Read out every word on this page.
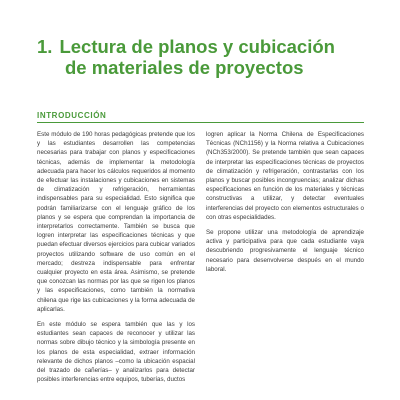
1. Lectura de planos y cubicación
de materiales de proyectos
INTRODUCCIÓN

Este módulo de 190 horas pedagógicas pretende que los y las estudiantes desarrollen las competencias necesarias para trabajar con planos y especificaciones técnicas, además de implementar la metodología adecuada para hacer los cálculos requeridos al momento de efectuar las instalaciones y cubicaciones en sistemas de climatización y refrigeración, herramientas indispensables para su especialidad. Esto significa que podrán familiarizarse con el lenguaje gráfico de los planos y se espera que comprendan la importancia de interpretarlos correctamente. También se busca que logren interpretar las especificaciones técnicas y que puedan efectuar diversos ejercicios para cubicar variados proyectos utilizando software de uso común en el mercado; destreza indispensable para enfrentar cualquier proyecto en esta área. Asimismo, se pretende que conozcan las normas por las que se rigen los planos y las especificaciones, como también la normativa chilena que rige las cubicaciones y la forma adecuada de aplicarlas.

En este módulo se espera también que las y los estudiantes sean capaces de reconocer y utilizar las normas sobre dibujo técnico y la simbología presente en los planos de esta especialidad, extraer información relevante de dichos planos –como la ubicación espacial del trazado de cañerías– y analizarlos para detectar posibles interferencias entre equipos, tuberías, ductos

logren aplicar la Norma Chilena de Especificaciones Técnicas (NCh1156) y la Norma relativa a Cubicaciones (NCh353/2000). Se pretende también que sean capaces de interpretar las especificaciones técnicas de proyectos de climatización y refrigeración, contrastarlas con los planos y buscar posibles incongruencias; analizar dichas especificaciones en función de los materiales y técnicas constructivas a utilizar, y detectar eventuales interferencias del proyecto con elementos estructurales o con otras especialidades.

Se propone utilizar una metodología de aprendizaje activa y participativa para que cada estudiante vaya descubriendo progresivamente el lenguaje técnico necesario para desenvolverse después en el mundo laboral.
